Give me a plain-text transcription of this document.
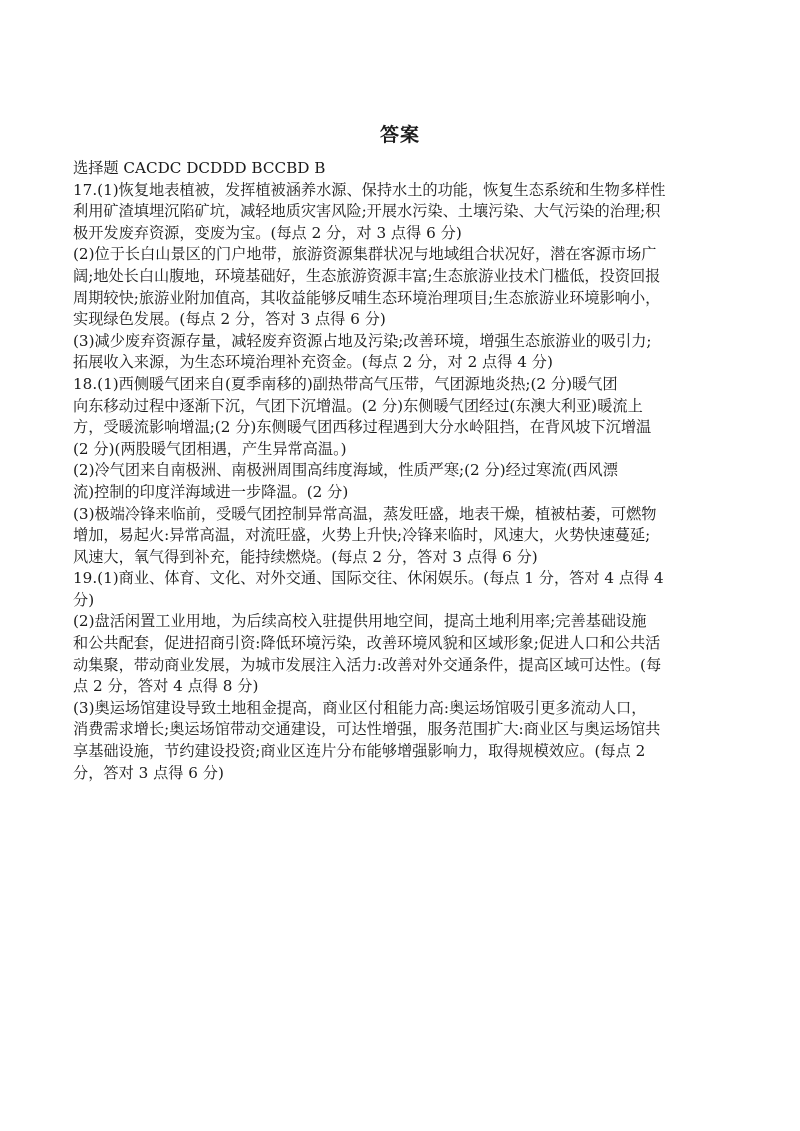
答案
选择题 CACDC DCDDD BCCBD B
17.(1)恢复地表植被，发挥植被涵养水源、保持水土的功能，恢复生态系统和生物多样性
利用矿渣填埋沉陷矿坑，减轻地质灾害风险;开展水污染、土壤污染、大气污染的治理;积
极开发废弃资源，变废为宝。(每点 2 分，对 3 点得 6 分)
(2)位于长白山景区的门户地带，旅游资源集群状况与地域组合状况好，潜在客源市场广
阔;地处长白山腹地，环境基础好，生态旅游资源丰富;生态旅游业技术门槛低，投资回报
周期较快;旅游业附加值高，其收益能够反哺生态环境治理项目;生态旅游业环境影响小，
实现绿色发展。(每点 2 分，答对 3 点得 6 分)
(3)减少废弃资源存量，减轻废弃资源占地及污染;改善环境，增强生态旅游业的吸引力;
拓展收入来源，为生态环境治理补充资金。(每点 2 分，对 2 点得 4 分)
18.(1)西侧暖气团来自(夏季南移的)副热带高气压带，气团源地炎热;(2 分)暖气团
向东移动过程中逐渐下沉，气团下沉增温。(2 分)东侧暖气团经过(东澳大利亚)暖流上
方，受暖流影响增温;(2 分)东侧暖气团西移过程遇到大分水岭阻挡，在背风坡下沉增温
(2 分)(两股暖气团相遇，产生异常高温。)
(2)冷气团来自南极洲、南极洲周围高纬度海域，性质严寒;(2 分)经过寒流(西风漂
流)控制的印度洋海域进一步降温。(2 分)
(3)极端冷锋来临前，受暖气团控制异常高温，蒸发旺盛，地表干燥，植被枯萎，可燃物
增加，易起火:异常高温，对流旺盛，火势上升快;冷锋来临时，风速大，火势快速蔓延;
风速大，氧气得到补充，能持续燃烧。(每点 2 分，答对 3 点得 6 分)
19.(1)商业、体育、文化、对外交通、国际交往、休闲娱乐。(每点 1 分，答对 4 点得 4
分)
(2)盘活闲置工业用地，为后续高校入驻提供用地空间，提高土地利用率;完善基础设施
和公共配套，促进招商引资:降低环境污染，改善环境风貌和区域形象;促进人口和公共活
动集聚，带动商业发展，为城市发展注入活力:改善对外交通条件，提高区域可达性。(每
点 2 分，答对 4 点得 8 分)
(3)奥运场馆建设导致土地租金提高，商业区付租能力高:奥运场馆吸引更多流动人口，
消费需求增长;奥运场馆带动交通建设，可达性增强，服务范围扩大:商业区与奥运场馆共
享基础设施，节约建设投资;商业区连片分布能够增强影响力，取得规模效应。(每点 2
分，答对 3 点得 6 分)
